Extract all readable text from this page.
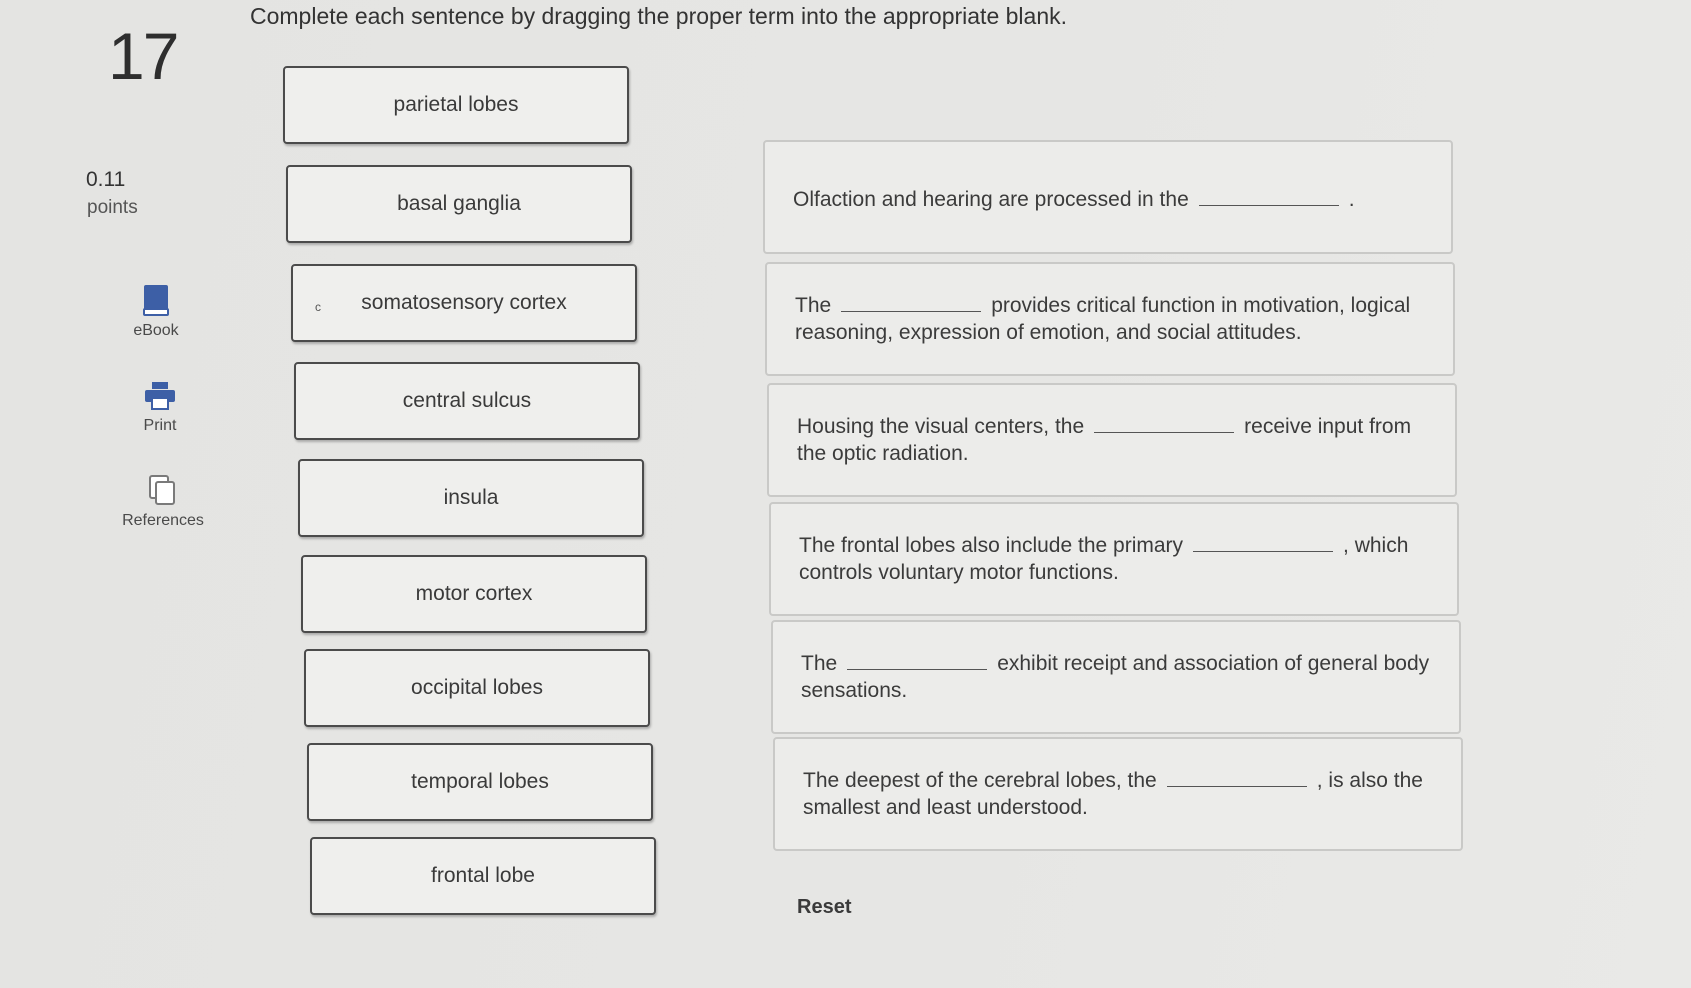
17
Complete each sentence by dragging the proper term into the appropriate blank.
0.11
points
eBook
Print
References
parietal lobes
basal ganglia
ᴄ somatosensory cortex
central sulcus
insula
motor cortex
occipital lobes
temporal lobes
frontal lobe
Olfaction and hearing are processed in the	.
The	provides critical function in motivation, logical reasoning, expression of emotion, and social attitudes.
Housing the visual centers, the	receive input from the optic radiation.
The frontal lobes also include the primary	, which controls voluntary motor functions.
The	exhibit receipt and association of general body sensations.
The deepest of the cerebral lobes, the	, is also the smallest and least understood.
Reset
